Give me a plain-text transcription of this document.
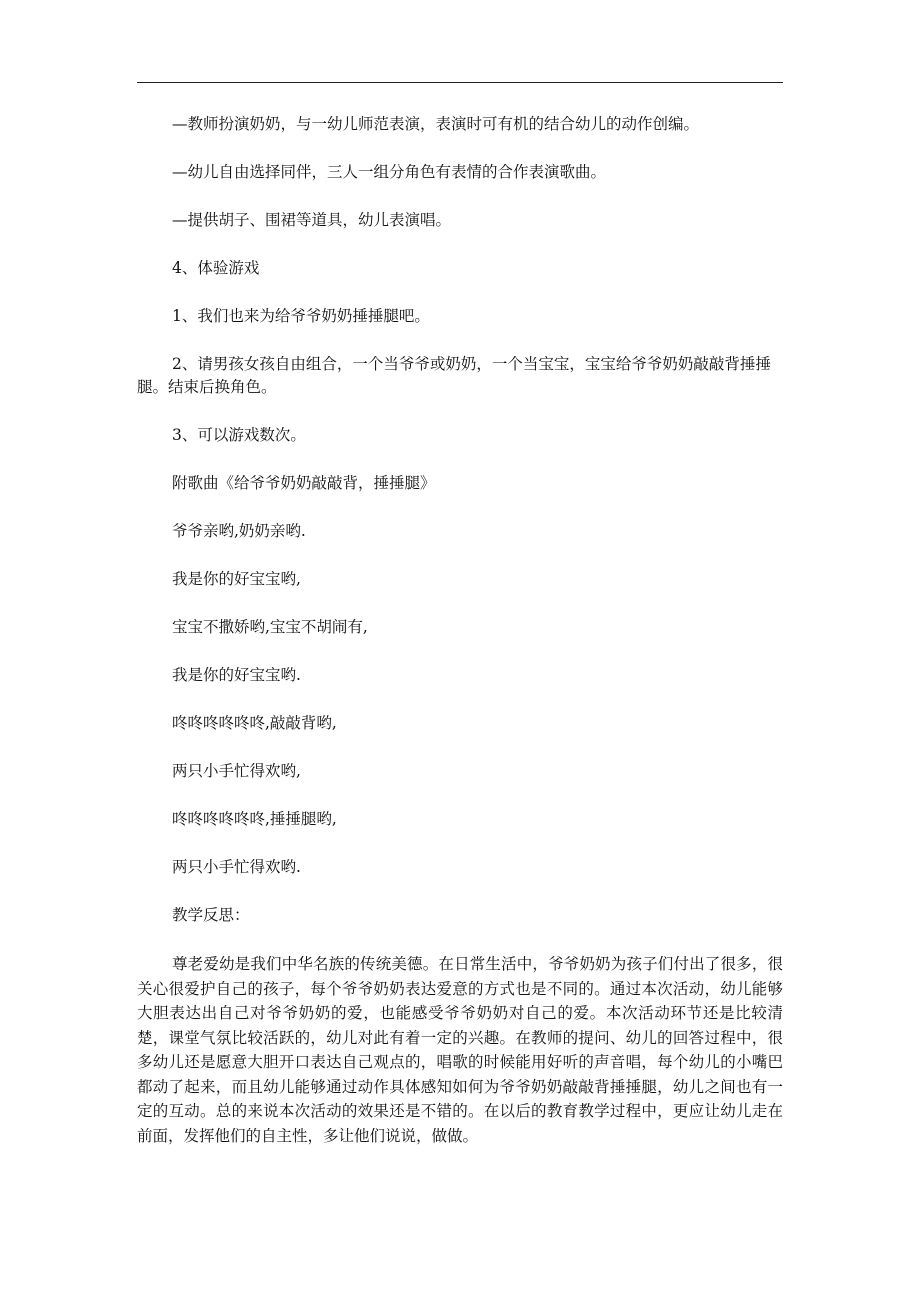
—教师扮演奶奶，与一幼儿师范表演，表演时可有机的结合幼儿的动作创编。

—幼儿自由选择同伴，三人一组分角色有表情的合作表演歌曲。

—提供胡子、围裙等道具，幼儿表演唱。

4、体验游戏

1、我们也来为给爷爷奶奶捶捶腿吧。

2、请男孩女孩自由组合，一个当爷爷或奶奶，一个当宝宝，宝宝给爷爷奶奶敲敲背捶捶腿。结束后换角色。

3、可以游戏数次。

附歌曲《给爷爷奶奶敲敲背，捶捶腿》

爷爷亲哟,奶奶亲哟.

我是你的好宝宝哟,

宝宝不撒娇哟,宝宝不胡闹有,

我是你的好宝宝哟.

咚咚咚咚咚咚,敲敲背哟,

两只小手忙得欢哟,

咚咚咚咚咚咚,捶捶腿哟,

两只小手忙得欢哟.

教学反思：

尊老爱幼是我们中华名族的传统美德。在日常生活中，爷爷奶奶为孩子们付出了很多，很关心很爱护自己的孩子，每个爷爷奶奶表达爱意的方式也是不同的。通过本次活动，幼儿能够大胆表达出自己对爷爷奶奶的爱，也能感受爷爷奶奶对自己的爱。本次活动环节还是比较清楚，课堂气氛比较活跃的，幼儿对此有着一定的兴趣。在教师的提问、幼儿的回答过程中，很多幼儿还是愿意大胆开口表达自己观点的，唱歌的时候能用好听的声音唱，每个幼儿的小嘴巴都动了起来，而且幼儿能够通过动作具体感知如何为爷爷奶奶敲敲背捶捶腿，幼儿之间也有一定的互动。总的来说本次活动的效果还是不错的。在以后的教育教学过程中，更应让幼儿走在前面，发挥他们的自主性，多让他们说说，做做。
